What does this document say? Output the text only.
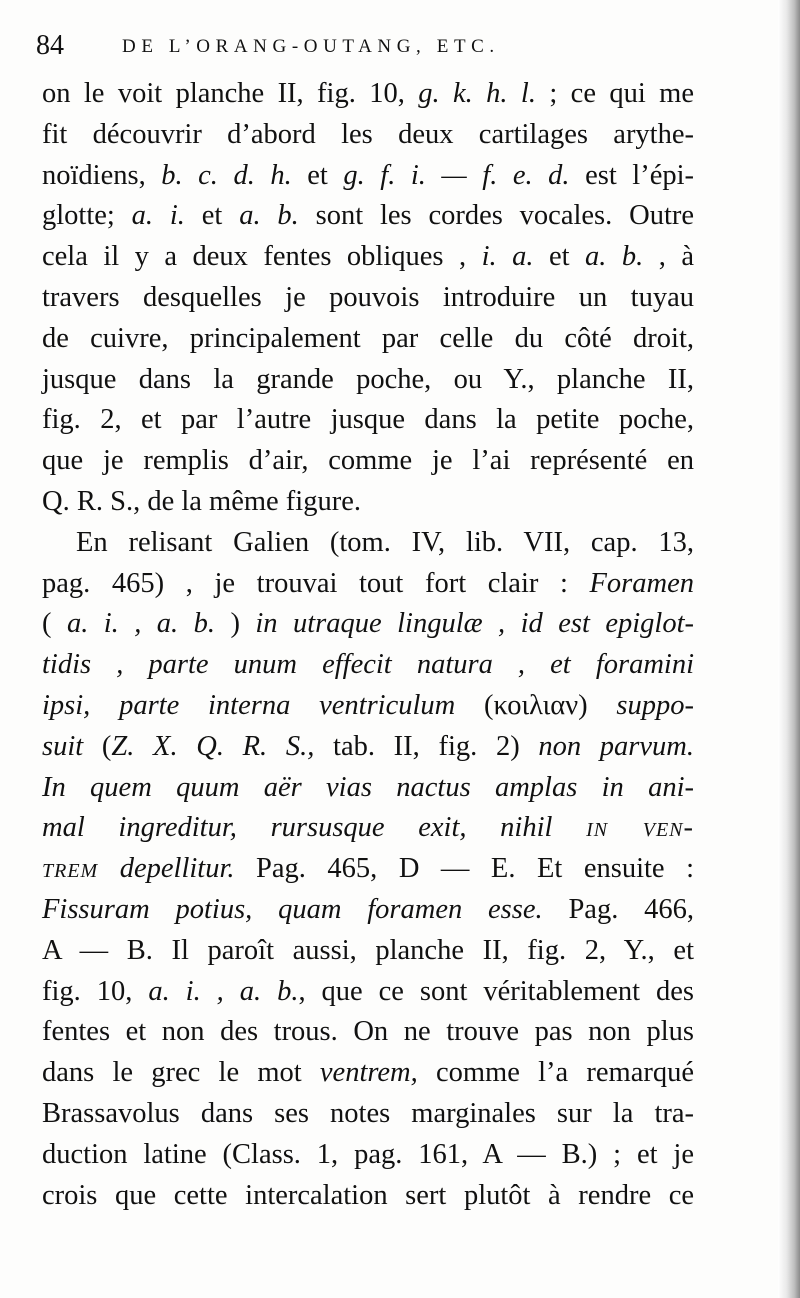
84	DE L’ORANG-OUTANG, ETC.
on le voit planche II, fig. 10, g. k. h. l. ; ce qui me
fit découvrir d’abord les deux cartilages arythe-
noïdiens, b. c. d. h. et g. f. i. — f. e. d. est l’épi-
glotte; a. i. et a. b. sont les cordes vocales. Outre
cela il y a deux fentes obliques , i. a. et a. b. , à
travers desquelles je pouvois introduire un tuyau
de cuivre, principalement par celle du côté droit,
jusque dans la grande poche, ou Y., planche II,
fig. 2, et par l’autre jusque dans la petite poche,
que je remplis d’air, comme je l’ai représenté en
Q. R. S., de la même figure.
En relisant Galien (tom. IV, lib. VII, cap. 13,
pag. 465) , je trouvai tout fort clair : Foramen
( a. i. , a. b. ) in utraque lingulæ , id est epiglot-
tidis , parte unum effecit natura , et foramini
ipsi, parte interna ventriculum (κοιλιαν) suppo-
suit (Z. X. Q. R. S., tab. II, fig. 2) non parvum.
In quem quum aër vias nactus amplas in ani-
mal ingreditur, rursusque exit, nihil in ven-
trem depellitur. Pag. 465, D — E. Et ensuite :
Fissuram potius, quam foramen esse. Pag. 466,
A — B. Il paroît aussi, planche II, fig. 2, Y., et
fig. 10, a. i. , a. b., que ce sont véritablement des
fentes et non des trous. On ne trouve pas non plus
dans le grec le mot ventrem, comme l’a remarqué
Brassavolus dans ses notes marginales sur la tra-
duction latine (Class. 1, pag. 161, A — B.) ; et je
crois que cette intercalation sert plutôt à rendre ce
